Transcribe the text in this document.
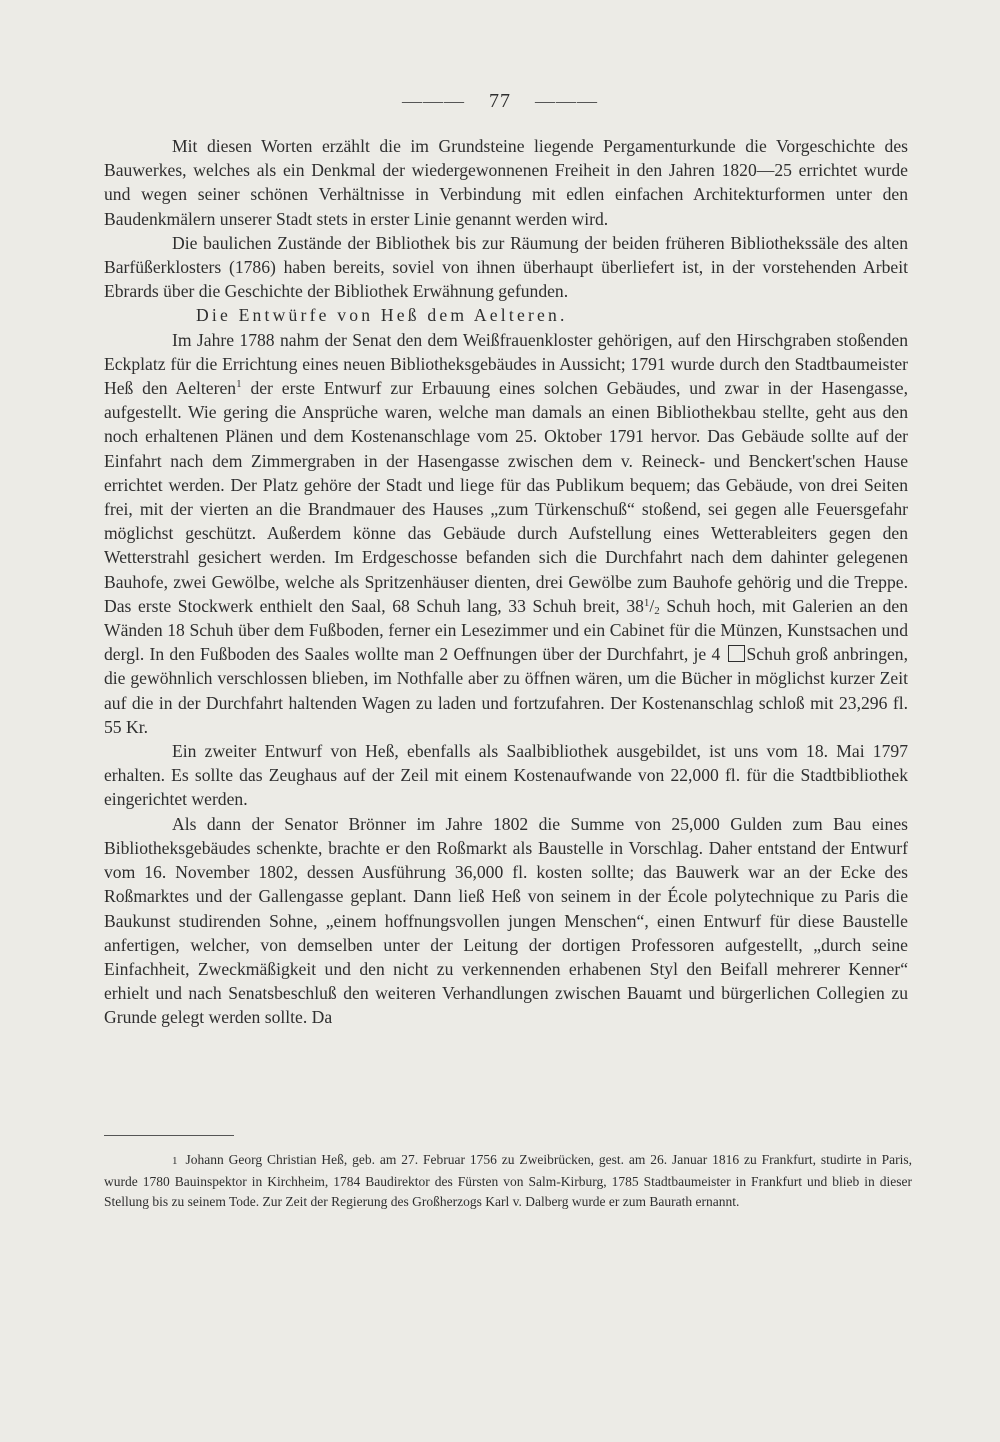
——— 77 ———

Mit diesen Worten erzählt die im Grundsteine liegende Pergamenturkunde die Vorgeschichte des Bauwerkes, welches als ein Denkmal der wiedergewonnenen Freiheit in den Jahren 1820—25 errichtet wurde und wegen seiner schönen Verhältnisse in Verbindung mit edlen einfachen Architekturformen unter den Baudenkmälern unserer Stadt stets in erster Linie genannt werden wird.

Die baulichen Zustände der Bibliothek bis zur Räumung der beiden früheren Bibliothekssäle des alten Barfüßerklosters (1786) haben bereits, soviel von ihnen überhaupt überliefert ist, in der vorstehenden Arbeit Ebrards über die Geschichte der Bibliothek Erwähnung gefunden.

Die Entwürfe von Heß dem Aelteren.

Im Jahre 1788 nahm der Senat den dem Weißfrauenkloster gehörigen, auf den Hirschgraben stoßenden Eckplatz für die Errichtung eines neuen Bibliotheksgebäudes in Aussicht; 1791 wurde durch den Stadtbaumeister Heß den Aelteren$^1$ der erste Entwurf zur Erbauung eines solchen Gebäudes, und zwar in der Hasengasse, aufgestellt. Wie gering die Ansprüche waren, welche man damals an einen Bibliothekbau stellte, geht aus den noch erhaltenen Plänen und dem Kostenanschlage vom 25. Oktober 1791 hervor. Das Gebäude sollte auf der Einfahrt nach dem Zimmergraben in der Hasengasse zwischen dem v. Reineck- und Benckert'schen Hause errichtet werden. Der Platz gehöre der Stadt und liege für das Publikum bequem; das Gebäude, von drei Seiten frei, mit der vierten an die Brandmauer des Hauses „zum Türkenschuß“ stoßend, sei gegen alle Feuersgefahr möglichst geschützt. Außerdem könne das Gebäude durch Aufstellung eines Wetterableiters gegen den Wetterstrahl gesichert werden. Im Erdgeschosse befanden sich die Durchfahrt nach dem dahinter gelegenen Bauhofe, zwei Gewölbe, welche als Spritzenhäuser dienten, drei Gewölbe zum Bauhofe gehörig und die Treppe. Das erste Stockwerk enthielt den Saal, 68 Schuh lang, 33 Schuh breit, $38^1/_2$ Schuh hoch, mit Galerien an den Wänden 18 Schuh über dem Fußboden, ferner ein Lesezimmer und ein Cabinet für die Münzen, Kunstsachen und dergl. In den Fußboden des Saales wollte man 2 Oeffnungen über der Durchfahrt, je 4 Schuh groß anbringen, die gewöhnlich verschlossen blieben, im Nothfalle aber zu öffnen wären, um die Bücher in möglichst kurzer Zeit auf die in der Durchfahrt haltenden Wagen zu laden und fortzufahren. Der Kostenanschlag schloß mit 23,296 fl. 55 Kr.

Ein zweiter Entwurf von Heß, ebenfalls als Saalbibliothek ausgebildet, ist uns vom 18. Mai 1797 erhalten. Es sollte das Zeughaus auf der Zeil mit einem Kostenaufwande von 22,000 fl. für die Stadtbibliothek eingerichtet werden.

Als dann der Senator Brönner im Jahre 1802 die Summe von 25,000 Gulden zum Bau eines Bibliotheksgebäudes schenkte, brachte er den Roßmarkt als Baustelle in Vorschlag. Daher entstand der Entwurf vom 16. November 1802, dessen Ausführung 36,000 fl. kosten sollte; das Bauwerk war an der Ecke des Roßmarktes und der Gallengasse geplant. Dann ließ Heß von seinem in der École polytechnique zu Paris die Baukunst studirenden Sohne, „einem hoffnungsvollen jungen Menschen“, einen Entwurf für diese Baustelle anfertigen, welcher, von demselben unter der Leitung der dortigen Professoren aufgestellt, „durch seine Einfachheit, Zweckmäßigkeit und den nicht zu verkennenden erhabenen Styl den Beifall mehrerer Kenner“ erhielt und nach Senatsbeschluß den weiteren Verhandlungen zwischen Bauamt und bürgerlichen Collegien zu Grunde gelegt werden sollte. Da

1 Johann Georg Christian Heß, geb. am 27. Februar 1756 zu Zweibrücken, gest. am 26. Januar 1816 zu Frankfurt, studirte in Paris, wurde 1780 Bauinspektor in Kirchheim, 1784 Baudirektor des Fürsten von Salm-Kirburg, 1785 Stadtbaumeister in Frankfurt und blieb in dieser Stellung bis zu seinem Tode. Zur Zeit der Regierung des Großherzogs Karl v. Dalberg wurde er zum Baurath ernannt.
